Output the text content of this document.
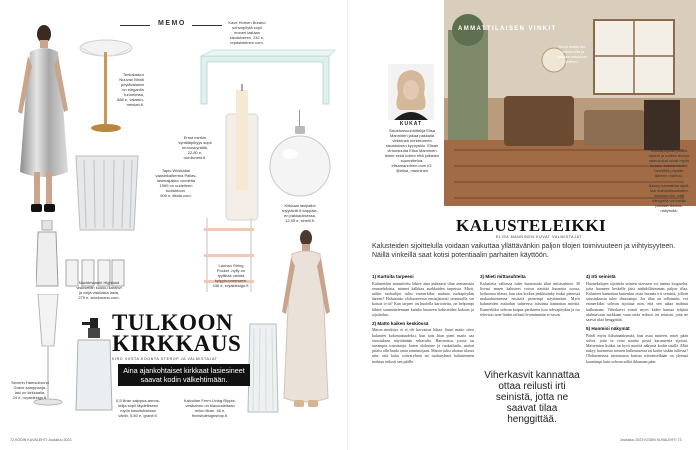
MEMO
Tenkalaisen
Nuuvan Bhisti
pöytävalaisin
on elegantin
tunnelmaa,
688 e, valaisin-
mestari.fi.
Kave Homen Burano
sohvapöytä sopii
moneri lasiaan
sisutukseen. 242 e,
repasisteinen.com.
Ernst merkin
kynttiläpihyys sopii
kruunukynttilä,
22,80 e,
nordicnest.fi.
Kirkkaat lasipallot
myytävät 8 kappale-
en pakkauksessa,
12,95 e, sinelli.fi.
Tapio Wirkkalan
vaasinkaiherma Pallas-
lasimaljakko vuodelta
1969 on uudelleen
tuotantoon.
600 e, iittala.com.
Nachtmannin Highland
viskisettiin kuuluu karahvi
ja neljä viskilasia lasia,
279 e, stockmann.com.
Lauhan String
Pocket -hylly on
tyyllikäs valinta
kylpyhuoneeseen.
436 e, royaldesign.fi.
Severin Hamsobrund
Grace samppanja-
lasi on kirkkaalla,
24 e, royaldesign.fi.
0,5 litran saippua-annos-
telija sopii täydellisesti
myös kasvituksessa
väriin. 5,80 e, granit.fi.
Kalvoilan Ferm Living Ripple-
vesikannu on tilavuudeltaan
reilun litran. 46 e,
finnishdesignshop.fi.
TULKOON
KIRKKAUS
KIRO VIISTA KOONTA STEROP JA VALMISTAJAT
Aina ajankohtaiset kirkkaat lasiesineet saavat kodin välkehtimään.
72 KODIN KUVALEHTI Joulukuu 2023
AMMATTILAISEN VINKIT
Suuri matto luo
kodikkuutta ja
kokoaa kalusteet
yhteen.
Ruokapöydän pituus
sijainti ja tuolien leveys
saleutuisat olivat myös
konna, kuinka monta
henkilöä pöydän
ääreen mahtuu.

Ikkuny kannattaa sijoit-
taa mahdollisuuksien
mukaan niin, että
sängystä voi ihailla
parasta ikkuna-
näkymää.
KUKAT
Sisustussuunnittelija Elisa Manninen jakaa pakkalla vinkkinsä onnistuneen sisustuksen kyynysklo. Elisan virtuosuutta Elisa Manninen tekee sekä kotien että julkisten suunnittelua. elisamanninen.com IG: @elisa_manninen
KALUSTELEIKKI
ELISA MANNINEN KUVAT VALMISTAJAT
Kalusteiden sijoittelulla voidaan vaikuttaa yllättävänkin paljon tilojen toimivuuteen ja viihtyisyyteen. Näillä vinkeillä saat kotisi potentiaalin parhaiten käyttöön.
1) Kartoita tarpeesi

Kalusteiden suunnittelu lähtee aina puhtaasti tilan asettamista reunaehdoista, minnet kalkkaa asukkaiden tarpeista. Mieti, mihin ruokailijat tulisi esimerkiksi mahtua ruokapöydän ääreen? Haluisinko olohuoneessa ensisijaisesti seurustella vai katsoa tv:tä? Kun tarpeet on huolella kartoitettu, on helpompi lähteä suunnittelemaan kuinka huoneen kalusteiden kokoaa ja sijoittelua.

2) Matto kaiken keskiössä

Maton merkitys ei ei ole korvattua liikaa. Suuri matto sitoo kalusteet kokonaisuudeksi, kun taas liian pieni matto saa sisustuksen näyttämään sekavalta. Haromissa, joissa on useampia toimintoja, kuten olohuone ja ruokailutila, maton pitäisi olla laadu omia toimintojaan. Maton tulisi ulottua tilassa niin, että koko sohvaryhmä tai ruokaryhmä kalusteineen mahtuu reilusti sen päälle.

3) Mieti mittasuhteita

Kalusteita valitessa tulee huomioida tilan mittasuhteet. 30 lisvasi ennen kalusteet voivat näyttää huoneita isossa, korkeassa tilassa, kun taas korkea jenkkisänky isoksi pienessä makuuhuoneessa ensiseiä pienempi näyttämään. Myös kalusteiden mittoihin suhteessa toisiinsa kannattaa miettiä. Esimerkiksi sohvan kaipaa parikseen isoa sohvapöydän ja iso televisio ison-liaden reilusti levenämmän tv-tason.

Viherkasvit kannattaa ottaa reilusti irti seinistä, jotta ne saavat tilaa henggittää.
4) Irti seinistä

Huonekalujen sijoittelu seinien vierusen voi tuntua loogiselta, jotta huoneen keskelle jäisi mahdollisimman paljon tilaa. Kalusteet kannattaa kuitenkin ottaa huonaa irti seinistä, jolloin sisustuksesta tulee ilmavampi. Jos tilaa on rolloinnin, voi esimerkiksi sohvan sijoittaa niin, että sen takaa mahtuu kulkemaan. Viherkasvi toimii myös kiden kanssa tyhjinä ahdistavaan nurkkaan vaan ottaa reilusti irti seinistä, jotta ne saavat tilaa henggittää.

5) Huomioi näkymät

Pohdi myös liikunnankymää, kun asuu mitteen, mitet pään sohva, jotta se voisi nauttia pöytä karurneista sijoista. Maisemien lisäksi on hyvä miettiä näkymä kodin sisällä. Mitä näkyy huoneesta toiseen kulkeutuessa tai kotiin sisään tullessa? Olohuoneessa asetamassa kutsuu sohvanselkään on yleensä kauniimpi kuin sohvan selkä ikkunaan päin.

Joulukuu 2023 KODIN KUVALEHTI 73
